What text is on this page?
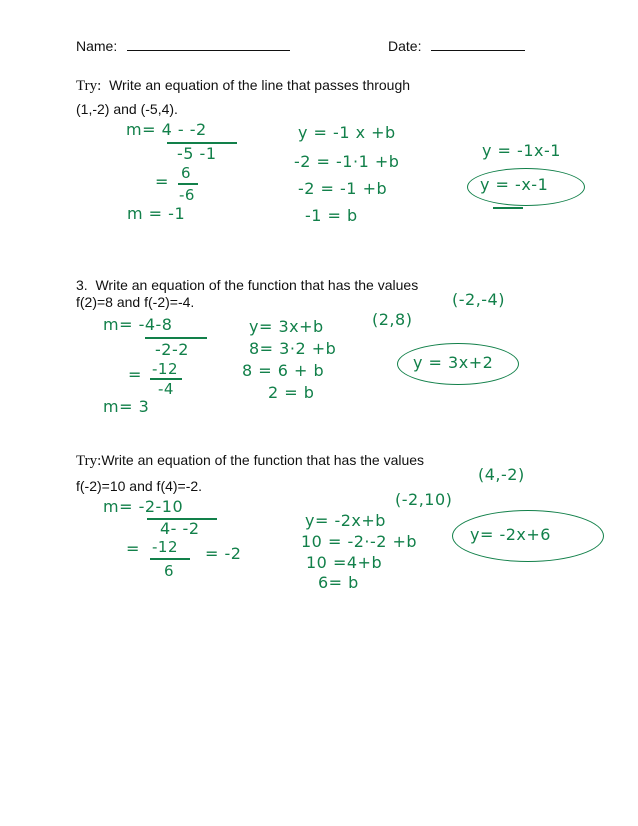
Name:	Date:
Try: Write an equation of the line that passes through
(1,-2) and (-5,4).
m= 4 - -2
-5 -1
= 6
-6
m = -1
y = -1 x +b
-2 = -1·1 +b
-2 = -1 +b
-1 = b
y = -1x-1
y = -x-1
3. Write an equation of the function that has the values
f(2)=8 and f(-2)=-4.	(-2,-4)
(2,8)
m= -4-8
-2-2
= -12
-4
m= 3
y= 3x+b
8= 3·2 +b
8 = 6 + b
2 = b
y = 3x+2
Try:Write an equation of the function that has the values
f(-2)=10 and f(4)=-2.
(4,-2)
(-2,10)
m= -2-10
4- -2
= -12
6
= -2
y= -2x+b
10 = -2·-2 +b
10 =4+b
6= b
y= -2x+6
